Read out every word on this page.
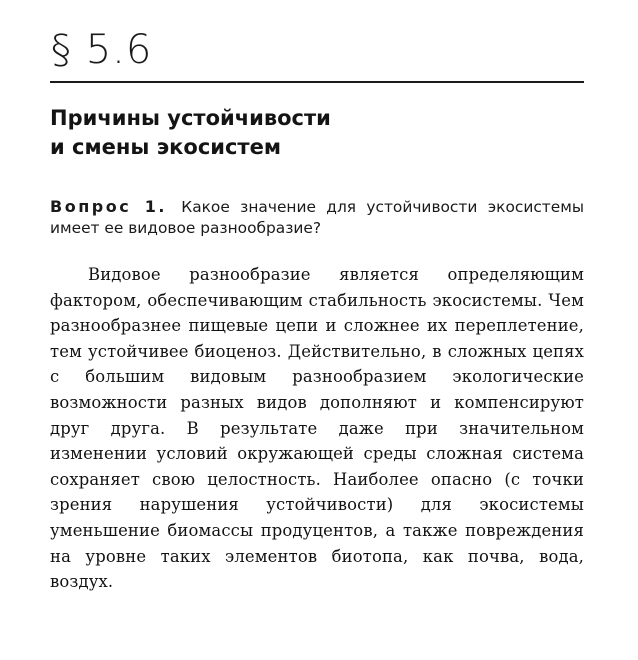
§ 5.6
Причины устойчивости
и смены экосистем
Вопрос 1. Какое значение для устойчивости экосистемы имеет ее видовое разнообразие?
Видовое разнообразие является определяющим фактором, обеспечивающим стабильность экосистемы. Чем разнообразнее пищевые цепи и сложнее их переплетение, тем устойчивее биоценоз. Действительно, в сложных цепях с большим видовым разнообразием экологические возможности разных видов дополняют и компенсируют друг друга. В результате даже при значительном изменении условий окружающей среды сложная система сохраняет свою целостность. Наиболее опасно (с точки зрения нарушения устойчивости) для экосистемы уменьшение биомассы продуцентов, а также повреждения на уровне таких элементов биотопа, как почва, вода, воздух.
